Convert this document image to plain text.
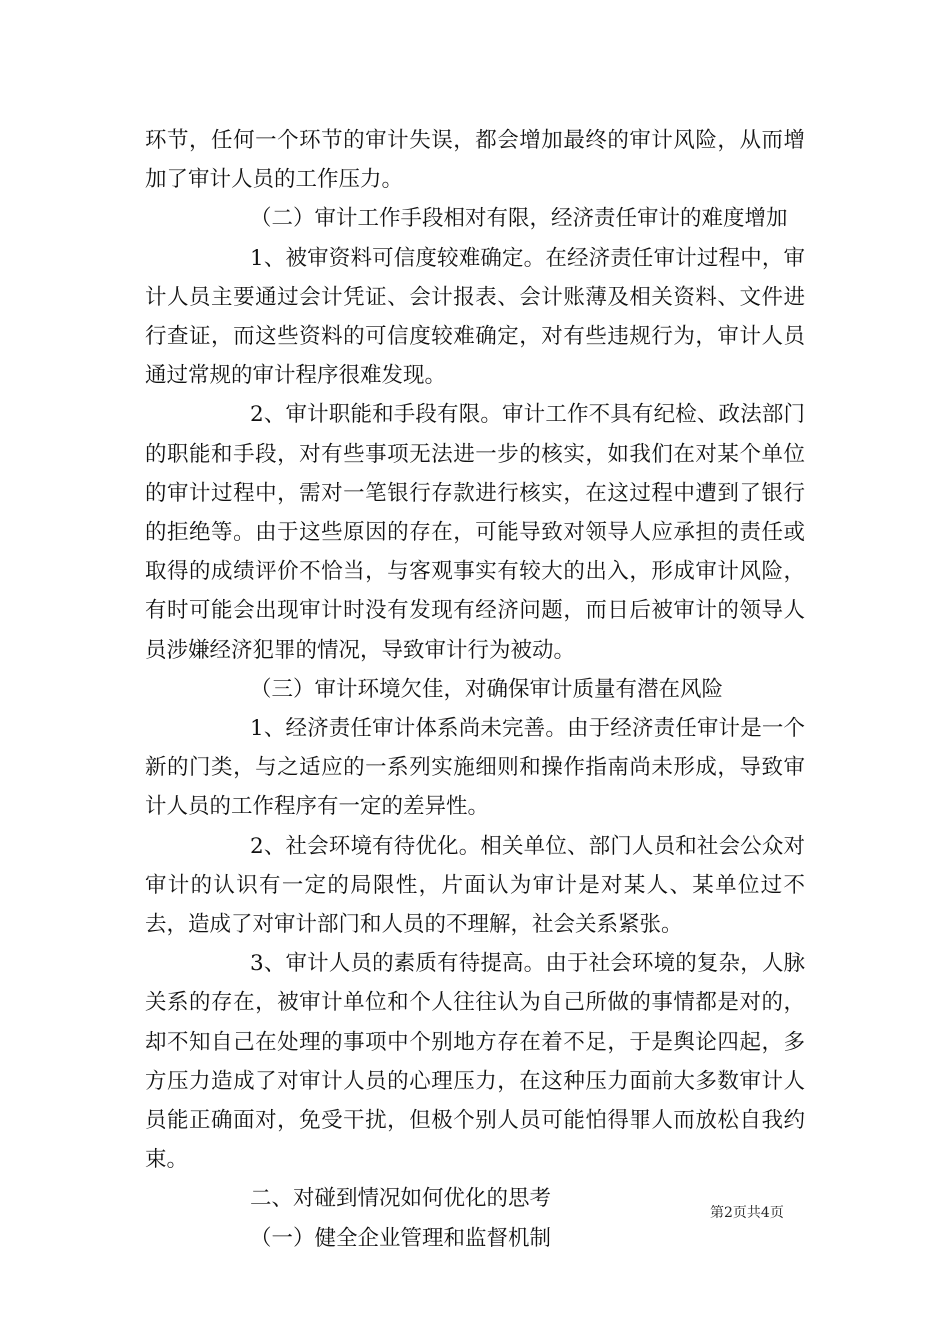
环节，任何一个环节的审计失误，都会增加最终的审计风险，从而增加了审计人员的工作压力。

（二）审计工作手段相对有限，经济责任审计的难度增加

1、被审资料可信度较难确定。在经济责任审计过程中，审计人员主要通过会计凭证、会计报表、会计账薄及相关资料、文件进行查证，而这些资料的可信度较难确定，对有些违规行为，审计人员通过常规的审计程序很难发现。

2、审计职能和手段有限。审计工作不具有纪检、政法部门的职能和手段，对有些事项无法进一步的核实，如我们在对某个单位的审计过程中，需对一笔银行存款进行核实，在这过程中遭到了银行的拒绝等。由于这些原因的存在，可能导致对领导人应承担的责任或取得的成绩评价不恰当，与客观事实有较大的出入，形成审计风险，有时可能会出现审计时没有发现有经济问题，而日后被审计的领导人员涉嫌经济犯罪的情况，导致审计行为被动。

（三）审计环境欠佳，对确保审计质量有潜在风险

1、经济责任审计体系尚未完善。由于经济责任审计是一个新的门类，与之适应的一系列实施细则和操作指南尚未形成，导致审计人员的工作程序有一定的差异性。

2、社会环境有待优化。相关单位、部门人员和社会公众对审计的认识有一定的局限性，片面认为审计是对某人、某单位过不去，造成了对审计部门和人员的不理解，社会关系紧张。

3、审计人员的素质有待提高。由于社会环境的复杂，人脉关系的存在，被审计单位和个人往往认为自己所做的事情都是对的，却不知自己在处理的事项中个别地方存在着不足，于是舆论四起，多方压力造成了对审计人员的心理压力，在这种压力面前大多数审计人员能正确面对，免受干扰，但极个别人员可能怕得罪人而放松自我约束。

二、对碰到情况如何优化的思考

（一）健全企业管理和监督机制

第2页共4页
